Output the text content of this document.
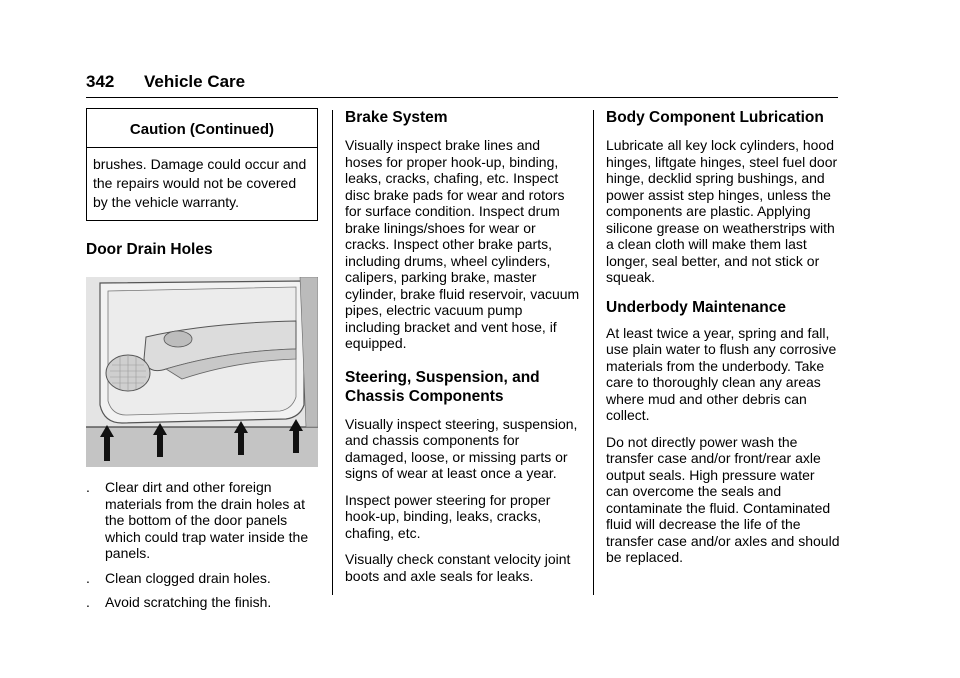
342 Vehicle Care
Caution (Continued)
brushes. Damage could occur and the repairs would not be covered by the vehicle warranty.
Door Drain Holes
.	Clear dirt and other foreign materials from the drain holes at the bottom of the door panels which could trap water inside the panels.
.	Clean clogged drain holes.
.	Avoid scratching the finish.
Brake System

Visually inspect brake lines and hoses for proper hook-up, binding, leaks, cracks, chafing, etc. Inspect disc brake pads for wear and rotors for surface condition. Inspect drum brake linings/shoes for wear or cracks. Inspect other brake parts, including drums, wheel cylinders, calipers, parking brake, master cylinder, brake fluid reservoir, vacuum pipes, electric vacuum pump including bracket and vent hose, if equipped.

Steering, Suspension, and Chassis Components

Visually inspect steering, suspension, and chassis components for damaged, loose, or missing parts or signs of wear at least once a year.

Inspect power steering for proper hook-up, binding, leaks, cracks, chafing, etc.

Visually check constant velocity joint boots and axle seals for leaks.

Body Component Lubrication

Lubricate all key lock cylinders, hood hinges, liftgate hinges, steel fuel door hinge, decklid spring bushings, and power assist step hinges, unless the components are plastic. Applying silicone grease on weatherstrips with a clean cloth will make them last longer, seal better, and not stick or squeak.

Underbody Maintenance

At least twice a year, spring and fall, use plain water to flush any corrosive materials from the underbody. Take care to thoroughly clean any areas where mud and other debris can collect.

Do not directly power wash the transfer case and/or front/rear axle output seals. High pressure water can overcome the seals and contaminate the fluid. Contaminated fluid will decrease the life of the transfer case and/or axles and should be replaced.
